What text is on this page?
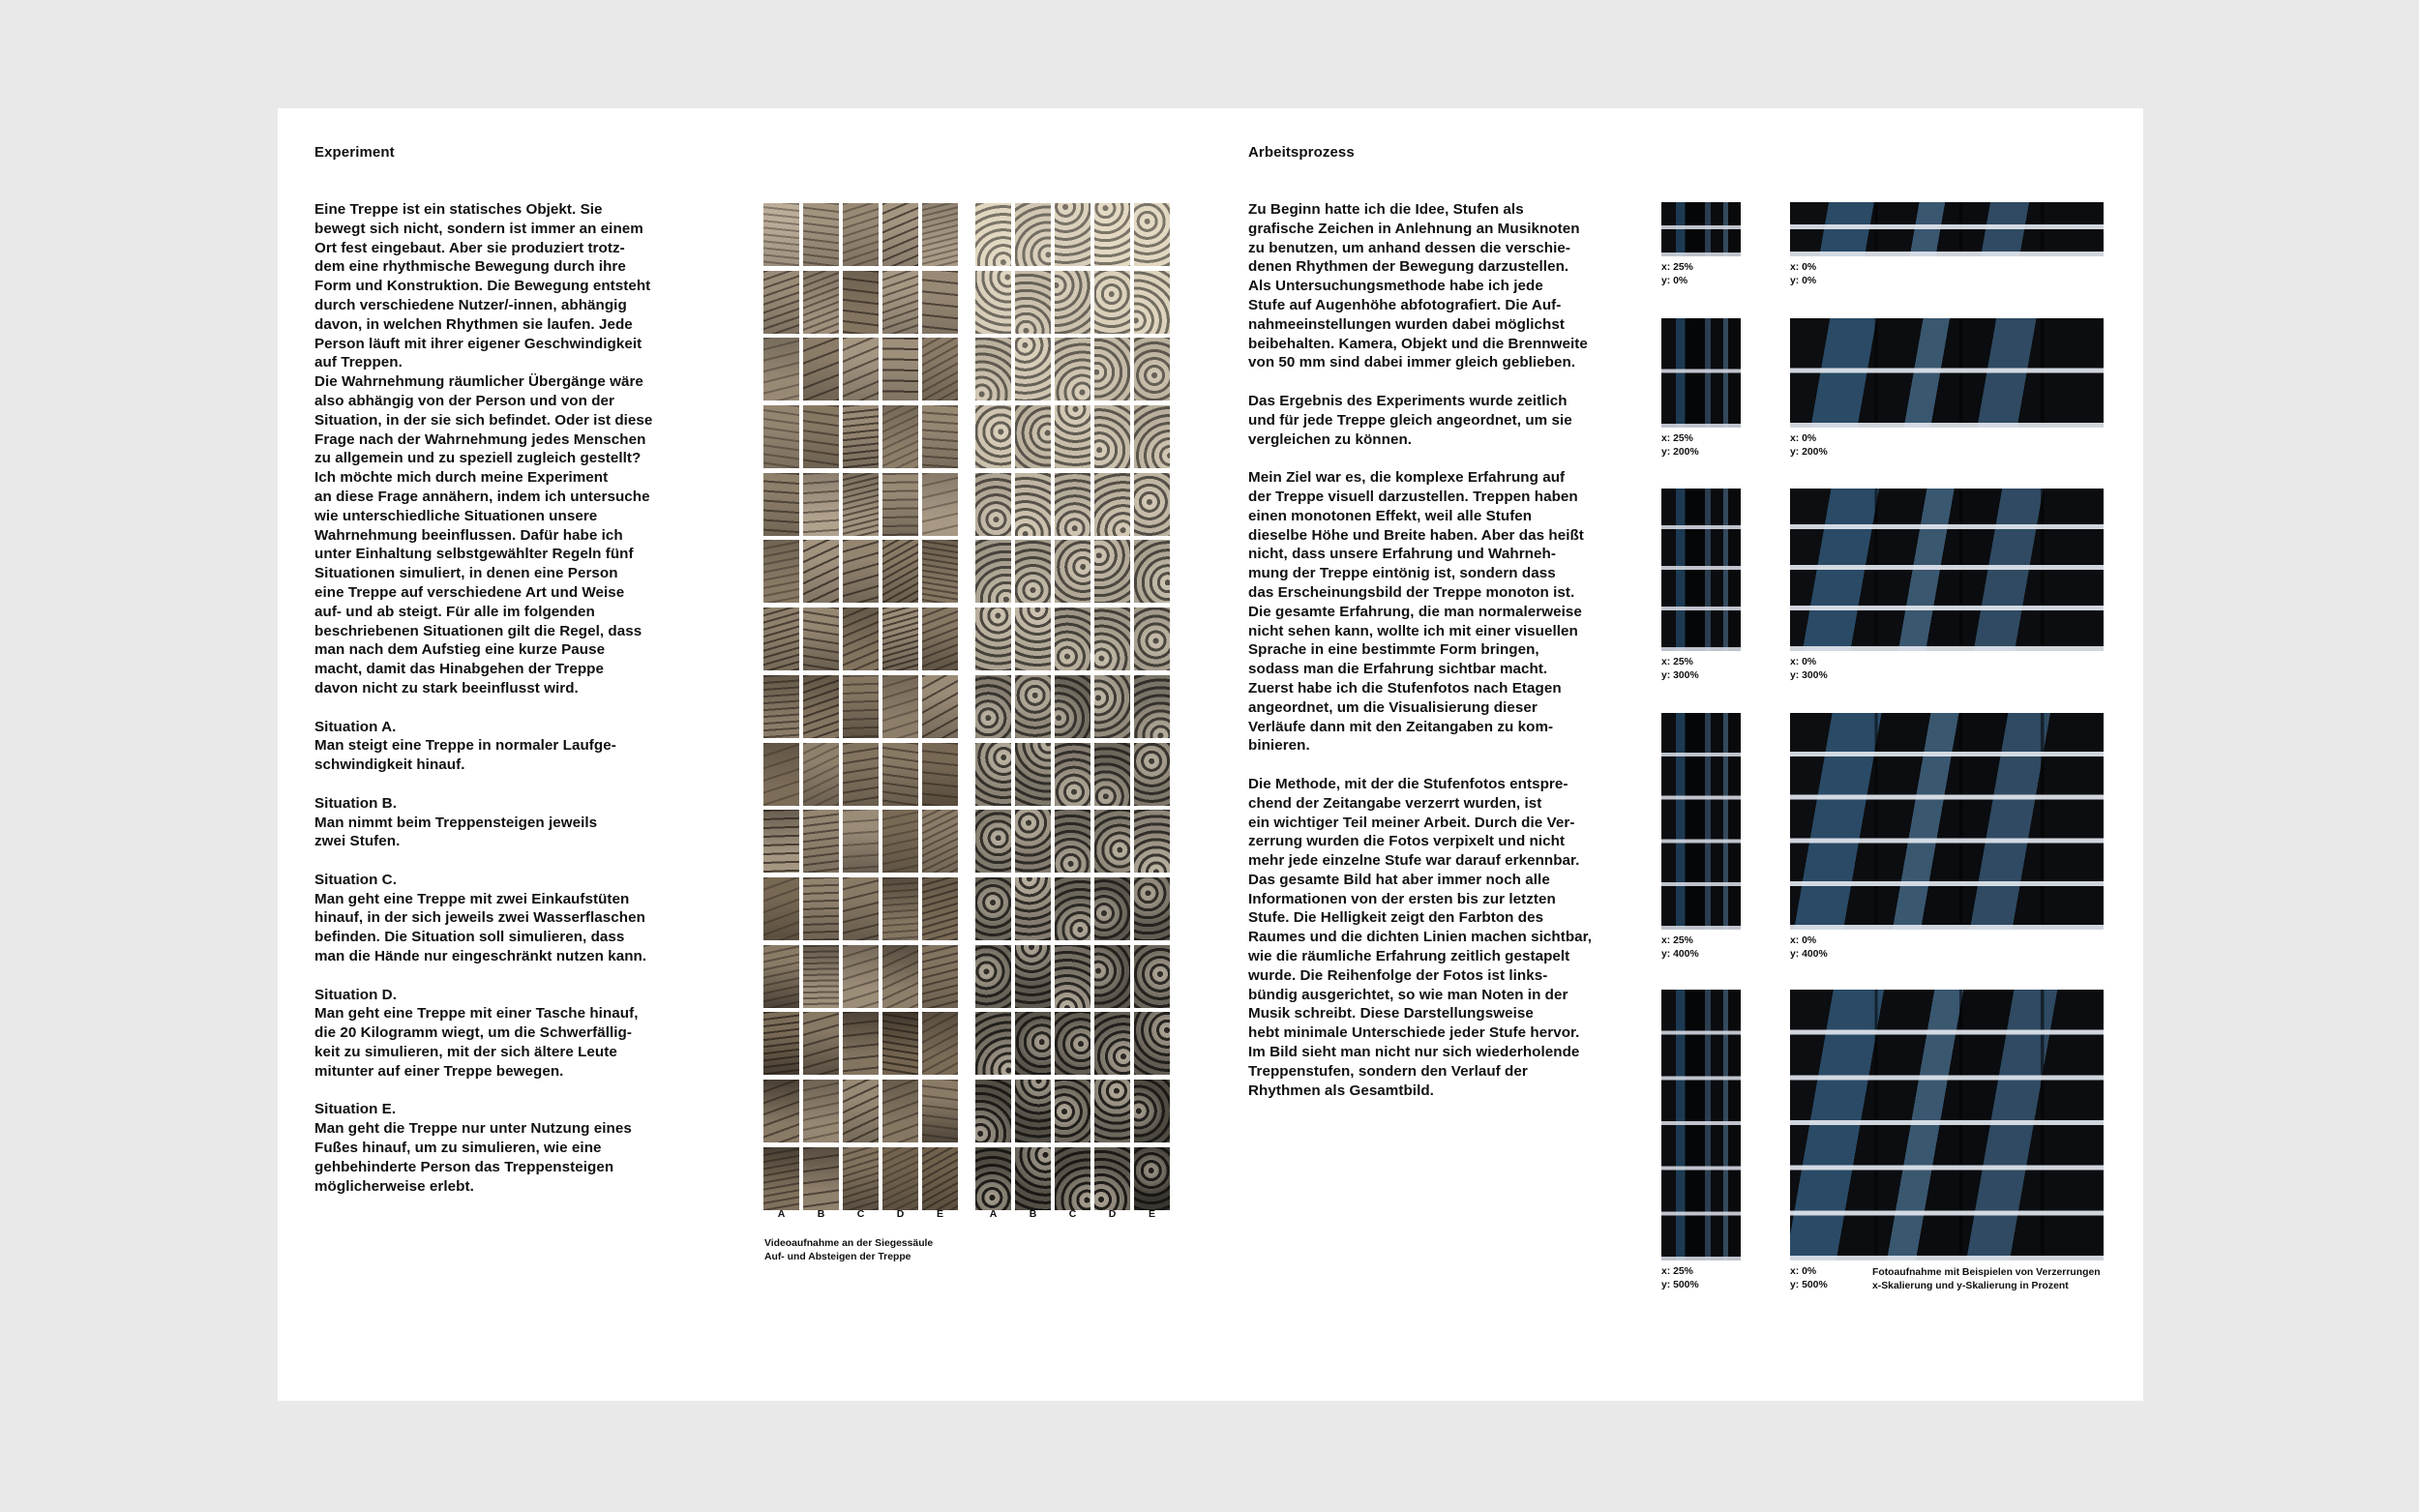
Experiment
Eine Treppe ist ein statisches Objekt. Sie
bewegt sich nicht, sondern ist immer an einem
Ort fest eingebaut. Aber sie produziert trotz-
dem eine rhythmische Bewegung durch ihre
Form und Konstruktion. Die Bewegung entsteht
durch verschiedene Nutzer/-innen, abhängig
davon, in welchen Rhythmen sie laufen. Jede
Person läuft mit ihrer eigener Geschwindigkeit
auf Treppen.
Die Wahrnehmung räumlicher Übergänge wäre
also abhängig von der Person und von der
Situation, in der sie sich befindet. Oder ist diese
Frage nach der Wahrnehmung jedes Menschen
zu allgemein und zu speziell zugleich gestellt?
Ich möchte mich durch meine Experiment
an diese Frage annähern, indem ich untersuche
wie unterschiedliche Situationen unsere
Wahrnehmung beeinflussen. Dafür habe ich
unter Einhaltung selbstgewählter Regeln fünf
Situationen simuliert, in denen eine Person
eine Treppe auf verschiedene Art und Weise
auf- und ab steigt. Für alle im folgenden
beschriebenen Situationen gilt die Regel, dass
man nach dem Aufstieg eine kurze Pause
macht, damit das Hinabgehen der Treppe
davon nicht zu stark beeinflusst wird.

Situation A.
Man steigt eine Treppe in normaler Laufge-
schwindigkeit hinauf.

Situation B.
Man nimmt beim Treppensteigen jeweils
zwei Stufen.

Situation C.
Man geht eine Treppe mit zwei Einkaufstüten
hinauf, in der sich jeweils zwei Wasserflaschen
befinden. Die Situation soll simulieren, dass
man die Hände nur eingeschränkt nutzen kann.

Situation D.
Man geht eine Treppe mit einer Tasche hinauf,
die 20 Kilogramm wiegt, um die Schwerfällig-
keit zu simulieren, mit der sich ältere Leute
mitunter auf einer Treppe bewegen.

Situation E.
Man geht die Treppe nur unter Nutzung eines
Fußes hinauf, um zu simulieren, wie eine
gehbehinderte Person das Treppensteigen
möglicherweise erlebt.
A	B	C	D	E	A	B	C	D	E
Videoaufnahme an der Siegessäule
Auf- und Absteigen der Treppe
Arbeitsprozess
Zu Beginn hatte ich die Idee, Stufen als
grafische Zeichen in Anlehnung an Musiknoten
zu benutzen, um anhand dessen die verschie-
denen Rhythmen der Bewegung darzustellen.
Als Untersuchungsmethode habe ich jede
Stufe auf Augenhöhe abfotografiert. Die Auf-
nahmeeinstellungen wurden dabei möglichst
beibehalten. Kamera, Objekt und die Brennweite
von 50 mm sind dabei immer gleich geblieben.

Das Ergebnis des Experiments wurde zeitlich
und für jede Treppe gleich angeordnet, um sie
vergleichen zu können.

Mein Ziel war es, die komplexe Erfahrung auf
der Treppe visuell darzustellen. Treppen haben
einen monotonen Effekt, weil alle Stufen
dieselbe Höhe und Breite haben. Aber das heißt
nicht, dass unsere Erfahrung und Wahrneh-
mung der Treppe eintönig ist, sondern dass
das Erscheinungsbild der Treppe monoton ist.
Die gesamte Erfahrung, die man normalerweise
nicht sehen kann, wollte ich mit einer visuellen
Sprache in eine bestimmte Form bringen,
sodass man die Erfahrung sichtbar macht.
Zuerst habe ich die Stufenfotos nach Etagen
angeordnet, um die Visualisierung dieser
Verläufe dann mit den Zeitangaben zu kom-
binieren.

Die Methode, mit der die Stufenfotos entspre-
chend der Zeitangabe verzerrt wurden, ist
ein wichtiger Teil meiner Arbeit. Durch die Ver-
zerrung wurden die Fotos verpixelt und nicht
mehr jede einzelne Stufe war darauf erkennbar.
Das gesamte Bild hat aber immer noch alle
Informationen von der ersten bis zur letzten
Stufe. Die Helligkeit zeigt den Farbton des
Raumes und die dichten Linien machen sichtbar,
wie die räumliche Erfahrung zeitlich gestapelt
wurde. Die Reihenfolge der Fotos ist links-
bündig ausgerichtet, so wie man Noten in der
Musik schreibt. Diese Darstellungsweise
hebt minimale Unterschiede jeder Stufe hervor.
Im Bild sieht man nicht nur sich wiederholende
Treppenstufen, sondern den Verlauf der
Rhythmen als Gesamtbild.
x: 25%
y: 0%
x: 0%
y: 0%
x: 25%
y: 200%
x: 0%
y: 200%
x: 25%
y: 300%
x: 0%
y: 300%
x: 25%
y: 400%
x: 0%
y: 400%
x: 25%
y: 500%
x: 0%
y: 500%
Fotoaufnahme mit Beispielen von Verzerrungen
x-Skalierung und y-Skalierung in Prozent
